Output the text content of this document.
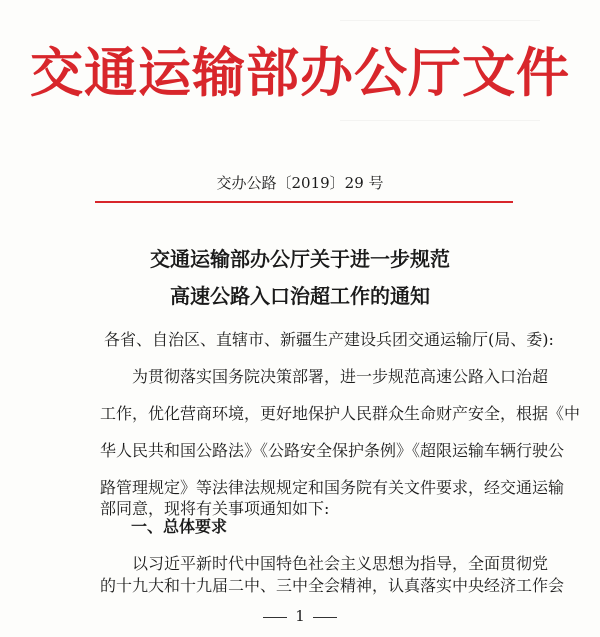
交通运输部办公厅文件
交办公路〔2019〕29 号
交通运输部办公厅关于进一步规范
高速公路入口治超工作的通知
各省、自治区、直辖市、新疆生产建设兵团交通运输厅(局、委):
　　为贯彻落实国务院决策部署，进一步规范高速公路入口治超
工作，优化营商环境，更好地保护人民群众生命财产安全，根据《中
华人民共和国公路法》《公路安全保护条例》《超限运输车辆行驶公
路管理规定》等法律法规规定和国务院有关文件要求，经交通运输
部同意，现将有关事项通知如下:
一、总体要求
　　以习近平新时代中国特色社会主义思想为指导，全面贯彻党
的十九大和十九届二中、三中全会精神，认真落实中央经济工作会
1
